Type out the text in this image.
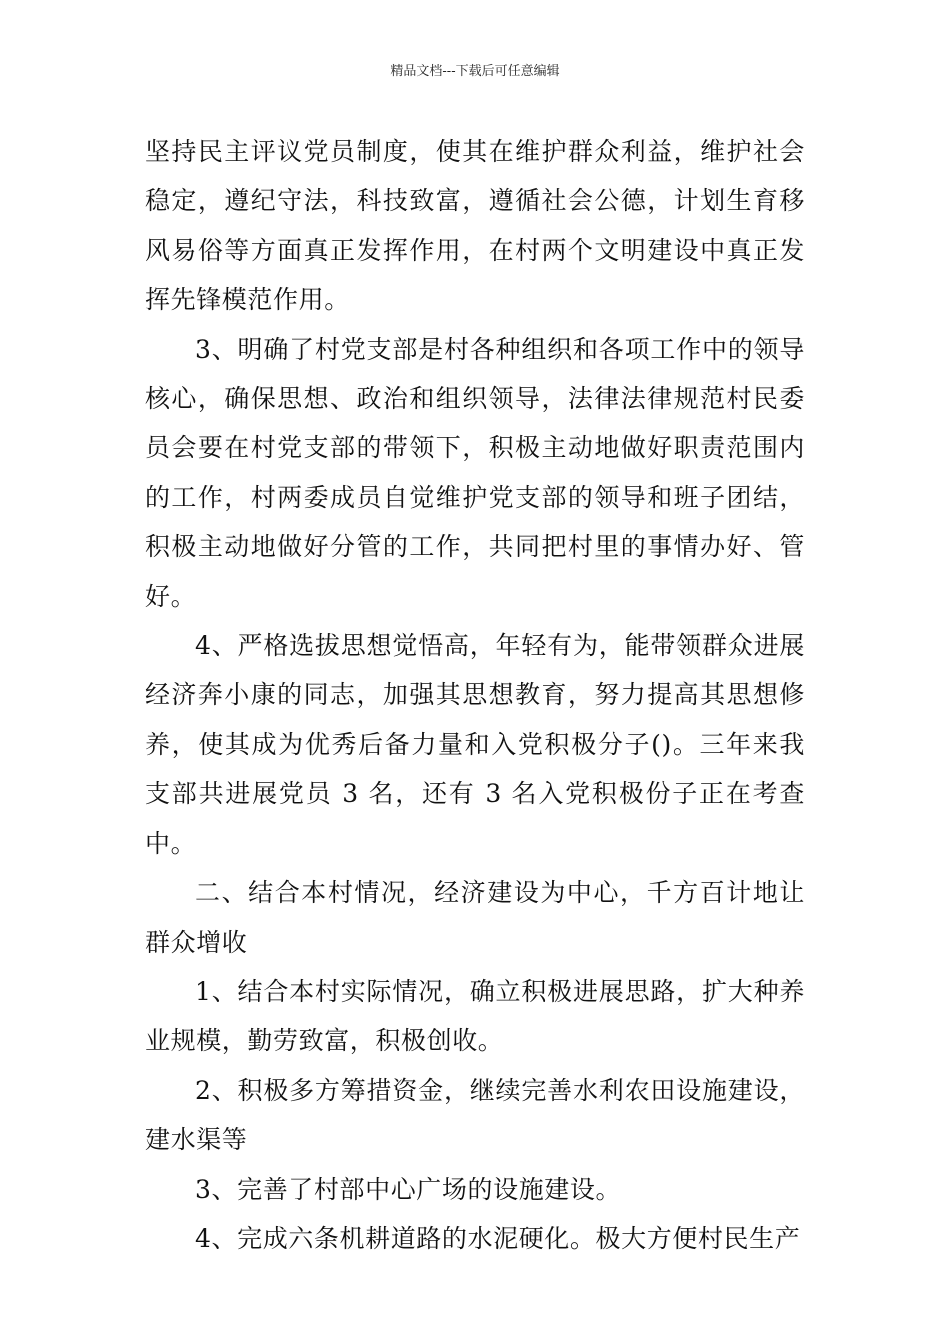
精品文档---下载后可任意编辑

坚持民主评议党员制度，使其在维护群众利益，维护社会稳定，遵纪守法，科技致富，遵循社会公德，计划生育移风易俗等方面真正发挥作用，在村两个文明建设中真正发挥先锋模范作用。

3、明确了村党支部是村各种组织和各项工作中的领导核心，确保思想、政治和组织领导，法律法律规范村民委员会要在村党支部的带领下，积极主动地做好职责范围内的工作，村两委成员自觉维护党支部的领导和班子团结，积极主动地做好分管的工作，共同把村里的事情办好、管好。

4、严格选拔思想觉悟高，年轻有为，能带领群众进展经济奔小康的同志，加强其思想教育，努力提高其思想修养，使其成为优秀后备力量和入党积极分子()。三年来我支部共进展党员 3 名，还有 3 名入党积极份子正在考查中。

二、结合本村情况，经济建设为中心，千方百计地让群众增收

1、结合本村实际情况，确立积极进展思路，扩大种养业规模，勤劳致富，积极创收。

2、积极多方筹措资金，继续完善水利农田设施建设，建水渠等

3、完善了村部中心广场的设施建设。

4、完成六条机耕道路的水泥硬化。极大方便村民生产
